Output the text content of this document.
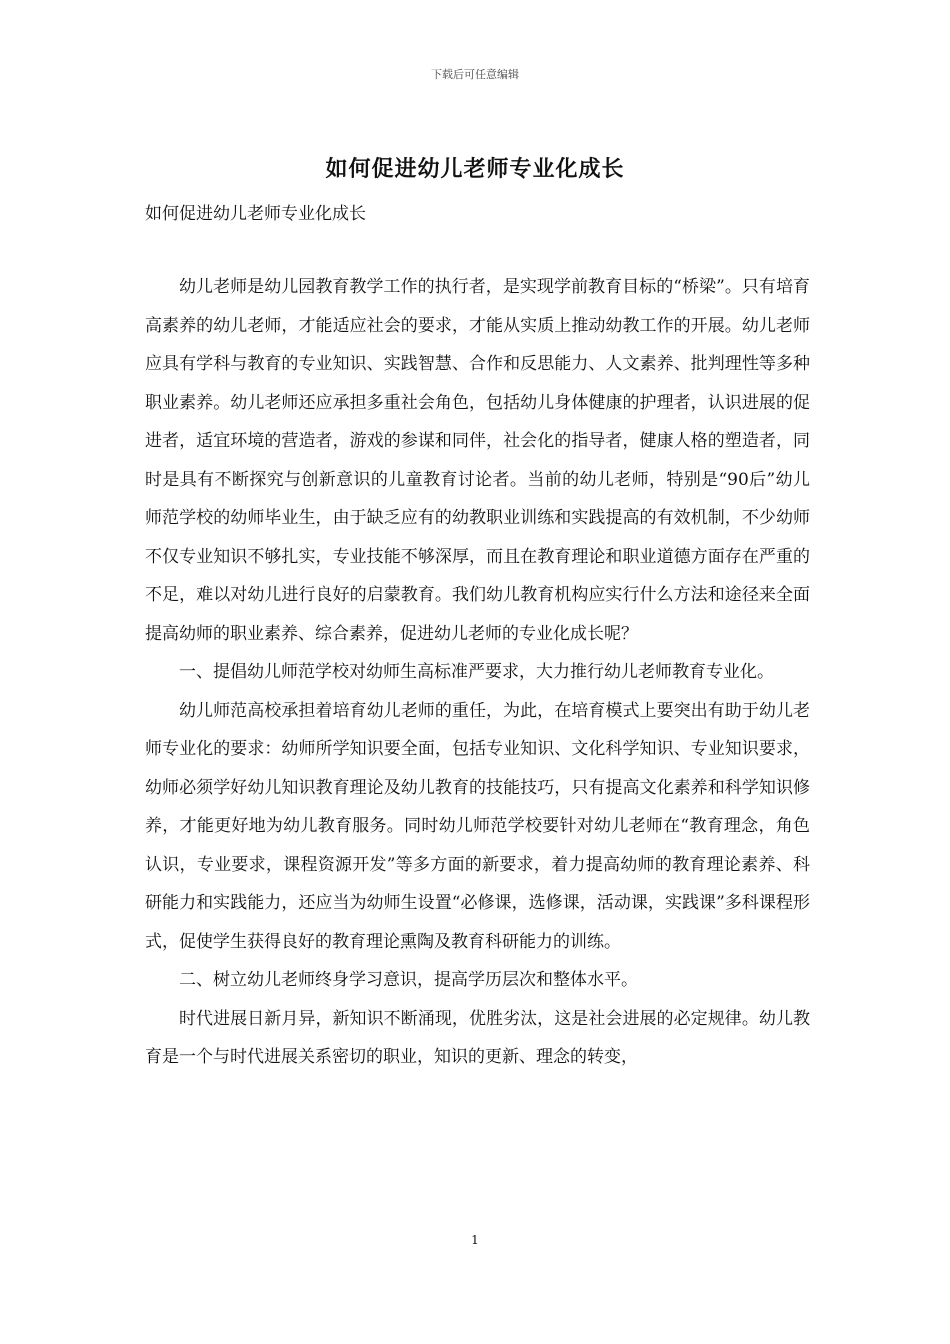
下载后可任意编辑
如何促进幼儿老师专业化成长
如何促进幼儿老师专业化成长

幼儿老师是幼儿园教育教学工作的执行者，是实现学前教育目标的“桥梁”。只有培育高素养的幼儿老师，才能适应社会的要求，才能从实质上推动幼教工作的开展。幼儿老师应具有学科与教育的专业知识、实践智慧、合作和反思能力、人文素养、批判理性等多种职业素养。幼儿老师还应承担多重社会角色，包括幼儿身体健康的护理者，认识进展的促进者，适宜环境的营造者，游戏的参谋和同伴，社会化的指导者，健康人格的塑造者，同时是具有不断探究与创新意识的儿童教育讨论者。当前的幼儿老师，特别是“90后”幼儿师范学校的幼师毕业生，由于缺乏应有的幼教职业训练和实践提高的有效机制，不少幼师不仅专业知识不够扎实，专业技能不够深厚，而且在教育理论和职业道德方面存在严重的不足，难以对幼儿进行良好的启蒙教育。我们幼儿教育机构应实行什么方法和途径来全面提高幼师的职业素养、综合素养，促进幼儿老师的专业化成长呢？

一、提倡幼儿师范学校对幼师生高标准严要求，大力推行幼儿老师教育专业化。

幼儿师范高校承担着培育幼儿老师的重任，为此，在培育模式上要突出有助于幼儿老师专业化的要求：幼师所学知识要全面，包括专业知识、文化科学知识、专业知识要求，幼师必须学好幼儿知识教育理论及幼儿教育的技能技巧，只有提高文化素养和科学知识修养，才能更好地为幼儿教育服务。同时幼儿师范学校要针对幼儿老师在“教育理念，角色认识，专业要求，课程资源开发”等多方面的新要求，着力提高幼师的教育理论素养、科研能力和实践能力，还应当为幼师生设置“必修课，选修课，活动课，实践课”多科课程形式，促使学生获得良好的教育理论熏陶及教育科研能力的训练。

二、树立幼儿老师终身学习意识，提高学历层次和整体水平。

时代进展日新月异，新知识不断涌现，优胜劣汰，这是社会进展的必定规律。幼儿教育是一个与时代进展关系密切的职业，知识的更新、理念的转变，

1
